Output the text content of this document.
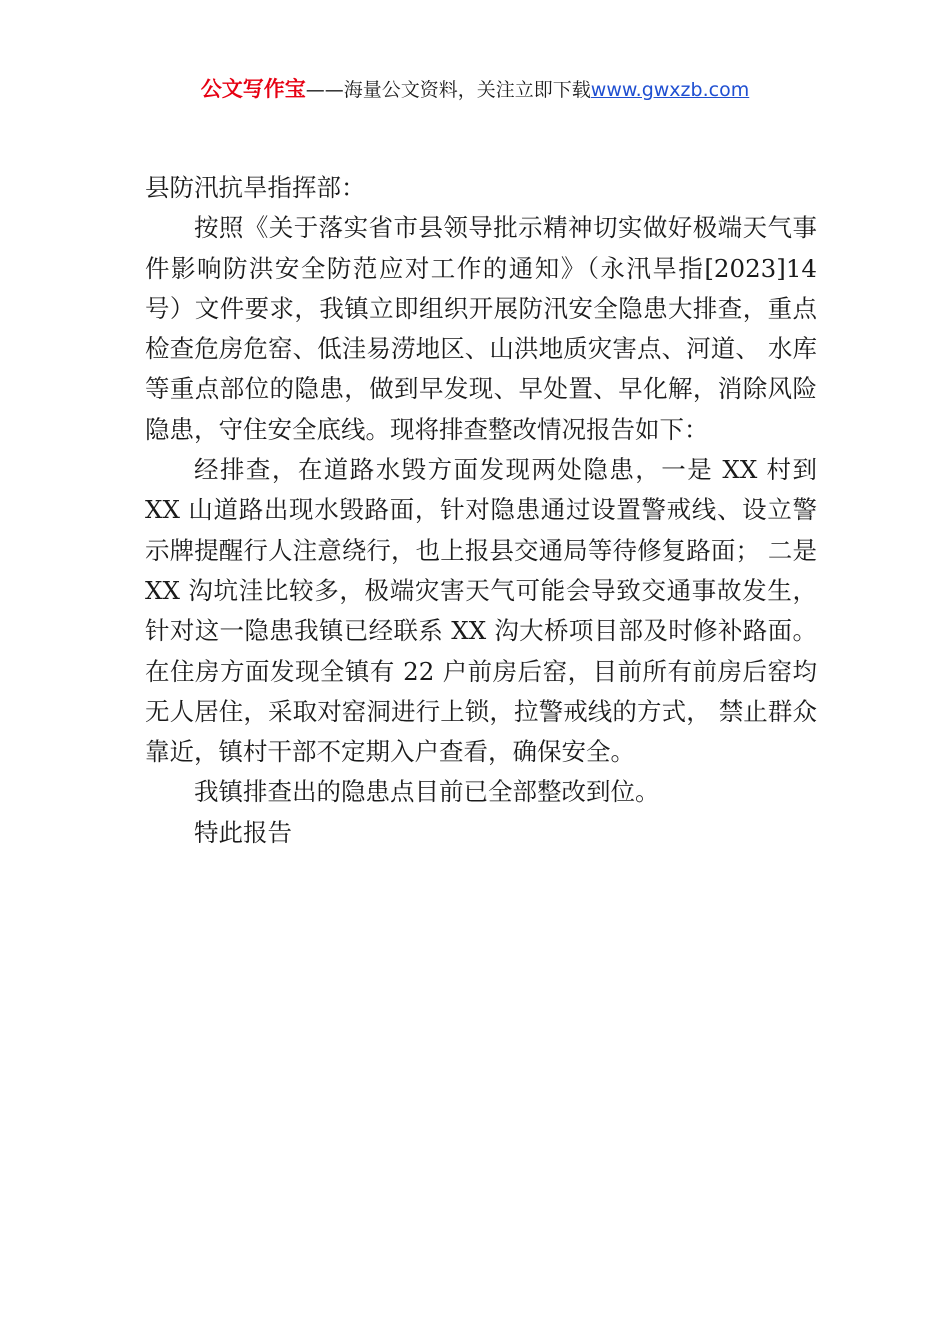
公文写作宝——海量公文资料，关注立即下载www.gwxzb.com

县防汛抗旱指挥部：

按照《关于落实省市县领导批示精神切实做好极端天气事件影响防洪安全防范应对工作的通知》（永汛旱指[2023]14 号）文件要求，我镇立即组织开展防汛安全隐患大排查，重点检查危房危窑、低洼易涝地区、山洪地质灾害点、河道、 水库等重点部位的隐患，做到早发现、早处置、早化解，消除风险隐患，守住安全底线。现将排查整改情况报告如下：

经排查，在道路水毁方面发现两处隐患，一是 XX 村到 XX 山道路出现水毁路面，针对隐患通过设置警戒线、设立警示牌提醒行人注意绕行，也上报县交通局等待修复路面； 二是 XX 沟坑洼比较多，极端灾害天气可能会导致交通事故发生，针对这一隐患我镇已经联系 XX 沟大桥项目部及时修补路面。在住房方面发现全镇有 22 户前房后窑，目前所有前房后窑均无人居住，采取对窑洞进行上锁，拉警戒线的方式， 禁止群众靠近，镇村干部不定期入户查看，确保安全。

我镇排查出的隐患点目前已全部整改到位。

特此报告
